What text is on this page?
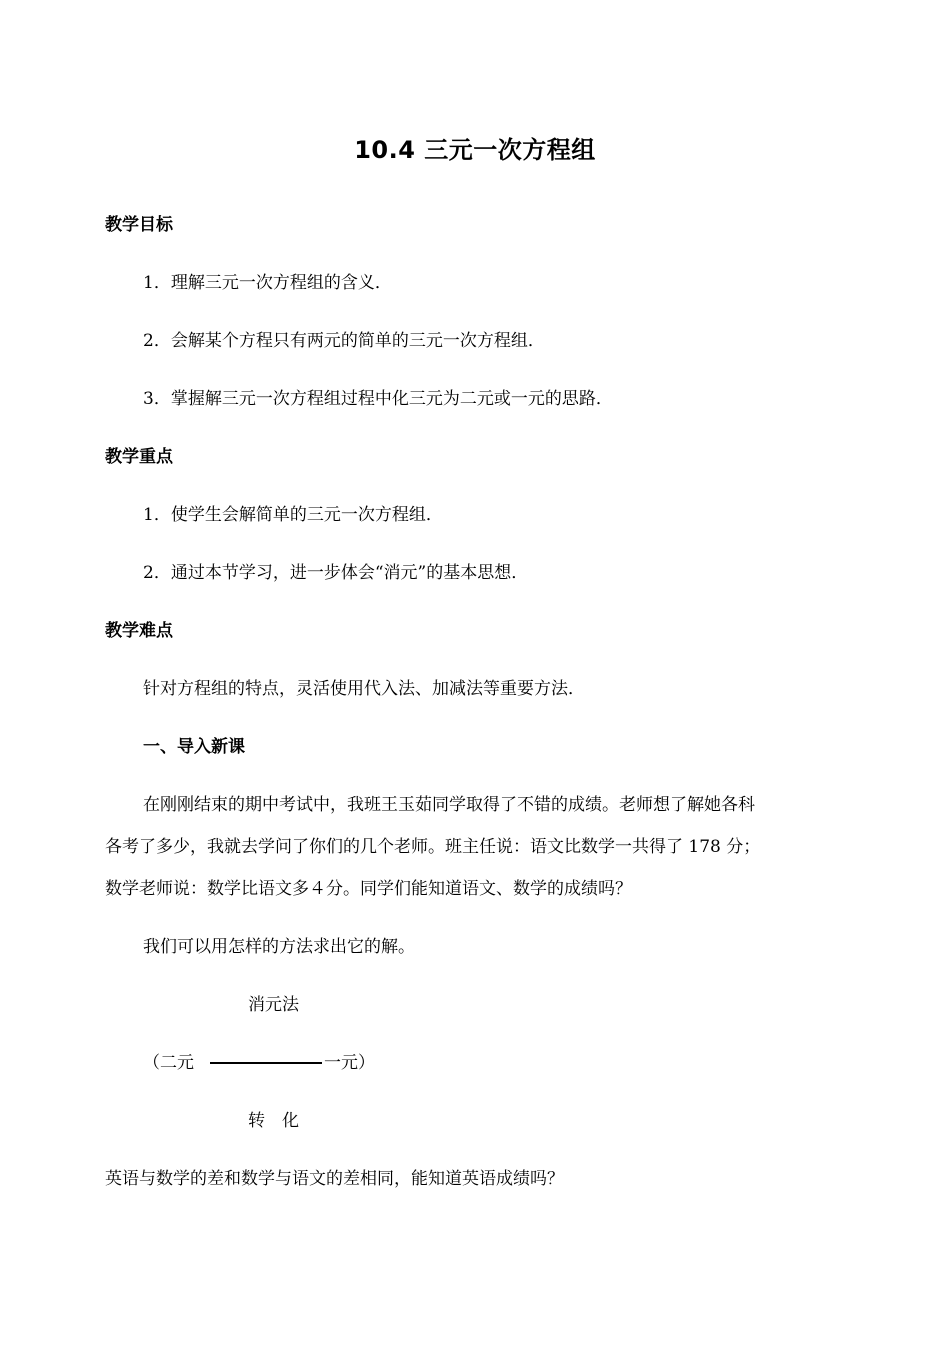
10.4 三元一次方程组
教学目标
1．理解三元一次方程组的含义．
2．会解某个方程只有两元的简单的三元一次方程组．
3．掌握解三元一次方程组过程中化三元为二元或一元的思路．
教学重点
1．使学生会解简单的三元一次方程组．
2．通过本节学习，进一步体会“消元”的基本思想．
教学难点
针对方程组的特点，灵活使用代入法、加减法等重要方法．
一、导入新课
在刚刚结束的期中考试中，我班王玉茹同学取得了不错的成绩。老师想了解她各科
各考了多少，我就去学问了你们的几个老师。班主任说：语文比数学一共得了 178 分；
数学老师说：数学比语文多４分。同学们能知道语文、数学的成绩吗？
我们可以用怎样的方法求出它的解。
消元法
（二元	一元）
转　化
英语与数学的差和数学与语文的差相同，能知道英语成绩吗？
